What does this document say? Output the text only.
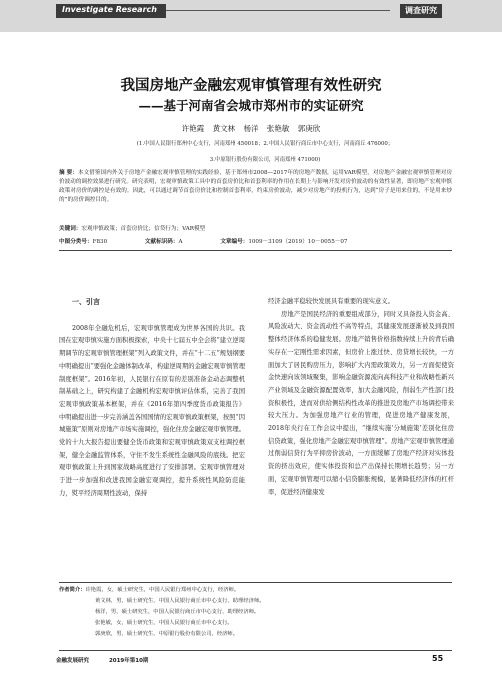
Investigate Research	调查研究
我国房地产金融宏观审慎管理有效性研究
——基于河南省会城市郑州市的实证研究
许艳霞 黄文林 杨洋 张艳敏 郭庚欣
(1.中国人民银行郑州中心支行，河南郑州 450018；2.中国人民银行商丘市中心支行，河南商丘 476000；
3.中原银行股份有限公司，河南郑州 471000)
摘 要：本文借鉴国内外关于房地产金融宏观审慎管理的实践经验，基于郑州市2008—2017年的房地产数据，运用VAR模型，对房地产金融宏观审慎管理对房价波动的调控效果进行研究。研究表明，宏观审慎政策工具中的首套房价比和首套利率的作用在长期上与影响开发对房价波动的有效性显著，即房地产宏观审慎政策对房价的调控是有效的。因此，可以通过调节首套房价比和控制首套利率，约束房价波动，减少对房地产的投机行为，达到“房子是用来住的，不是用来炒的”的房价调控目的。
关键词：宏观审慎政策；首套房价比；信贷行为；VAR模型
中图分类号：F830	文献标识码：A	文章编号：1009－3109（2019）10－0055－07
一、引言

2008年全融危机后，宏观审慎管理成为世界各国的共识。我国在宏观审慎实施方面积极探索，中央十七届五中全会将“建立逆周期调节的宏观审慎管理框架”列入政策文件，并在“十二五”规划纲要中明确提出“要强化金融体制改革，构建逆周期的金融宏观审慎管理制度框架”。2016年初，人民银行在原有的差别准备金动态调整机制基础之上，研究构建了金融机构宏观审慎评估体系，完善了我国宏观审慎政策基本框架，并在《2016年第四季度货币政策报告》中明确提出进一步完善涵盖各国国情的宏观审慎政策框架，按照“因城施策”原则对房地产市场实施调控，强化住房金融宏观审慎管理。党的十九大报告提出要健全货币政策和宏观审慎政策双支柱调控框架，健全金融监管体系，守住不发生系统性金融风险的底线。把宏观审慎政策上升到国家战略高度进行了安排部署。宏观审慎管理对于进一步加强和改进我国金融宏观调控，提升系统性风险防范能力，熨平经济周期性波动，保持

经济金融平稳较快发展具有重要的现实意义。

房地产是国民经济的重要组成部分，同时又具备投入资金高、风险波动大、资金流动性不高等特点，其健康发展逐渐被及到我国整体经济体系的稳健发展。房地产销售价格指数持续上升的背后确实存在一定刚性需求因素，但房价上涨过快、房贷增长较快，一方面加大了居民购房压力，影响扩大内需政策效力，另一方面促使资金快速向该领域聚集，影响金融资源流向高科技产业和战略性新兴产业领域及金融资源配置效率，加大金融风险，削弱生产性部门投资积极性，进而对供给侧结构性改革的推进及房地产市场调控带来较大压力。为加强房地产行业的管理，促进房地产健康发展，2018年央行在工作会议中提出，“继续实施‘分城施策’差别化住房信贷政策，强化房地产金融宏观审慎管理”。房地产宏观审慎管理通过削弱信贷行为平抑房价波动，一方面缓解了房地产经济对实体投资的挤出效应，使实体投资和总产出保持长期增长趋势；另一方面，宏观审慎管理可以缩小信贷膨胀规模，显著降低经济体的杠杆率，促进经济健康发

作者简介：许艳霞，女，硕士研究生，中国人民银行郑州中心支行，经济师。
黄文林，男，硕士研究生，中国人民银行商丘市中心支行，助理经济师。
杨洋，男，硕士研究生，中国人民银行商丘市中心支行，助理经济师。
张艳敏，女，硕士研究生，中国人民银行商丘市中心支行。
郭庚欣，男，硕士研究生，中原银行股份有限公司，经济师。
金融发展研究	2019年第10期	55
